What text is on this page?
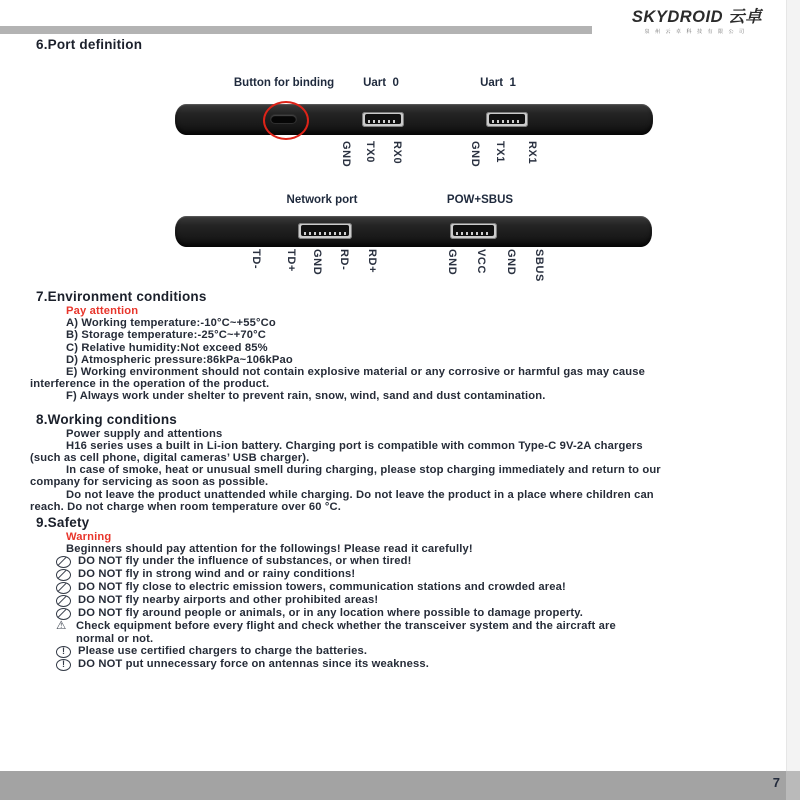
SKYDROID 云卓
泉州云卓科技有限公司
6.Port definition
Button for binding	Uart  0	Uart  1
GND TX0 RX0	GND TX1 RX1
Network port	POW+SBUS
TD- TD+ GND RD- RD+	GND VCC GND SBUS
7.Environment conditions
Pay attention
A) Working temperature:-10°C~+55°Co
B) Storage temperature:-25°C~+70°C
C) Relative humidity:Not exceed 85%
D) Atmospheric pressure:86kPa~106kPao
E) Working environment should not contain explosive material or any corrosive or harmful gas may cause
interference in the operation of the product.
F) Always work under shelter to prevent rain, snow, wind, sand and dust contamination.
8.Working conditions
Power supply and attentions
H16 series uses a built in Li-ion battery. Charging port is compatible with common Type-C 9V-2A chargers
(such as cell phone, digital cameras’ USB charger).
In case of smoke, heat or unusual smell during charging, please stop charging immediately and return to our
company for servicing as soon as possible.
Do not leave the product unattended while charging. Do not leave the product in a place where children can
reach. Do not charge when room temperature over 60 °C.
9.Safety
Warning
Beginners should pay attention for the followings! Please read it carefully!
DO NOT fly under the influence of substances, or when tired!
DO NOT fly in strong wind and or rainy conditions!
DO NOT fly close to electric emission towers, communication stations and crowded area!
DO NOT fly nearby airports and other prohibited areas!
DO NOT fly around people or animals, or in any location where possible to damage property.
⚠ Check equipment before every flight and check whether the transceiver system and the aircraft are
normal or not.
!
Please use certified chargers to charge the batteries.
!
DO NOT put unnecessary force on antennas since its weakness.
7
